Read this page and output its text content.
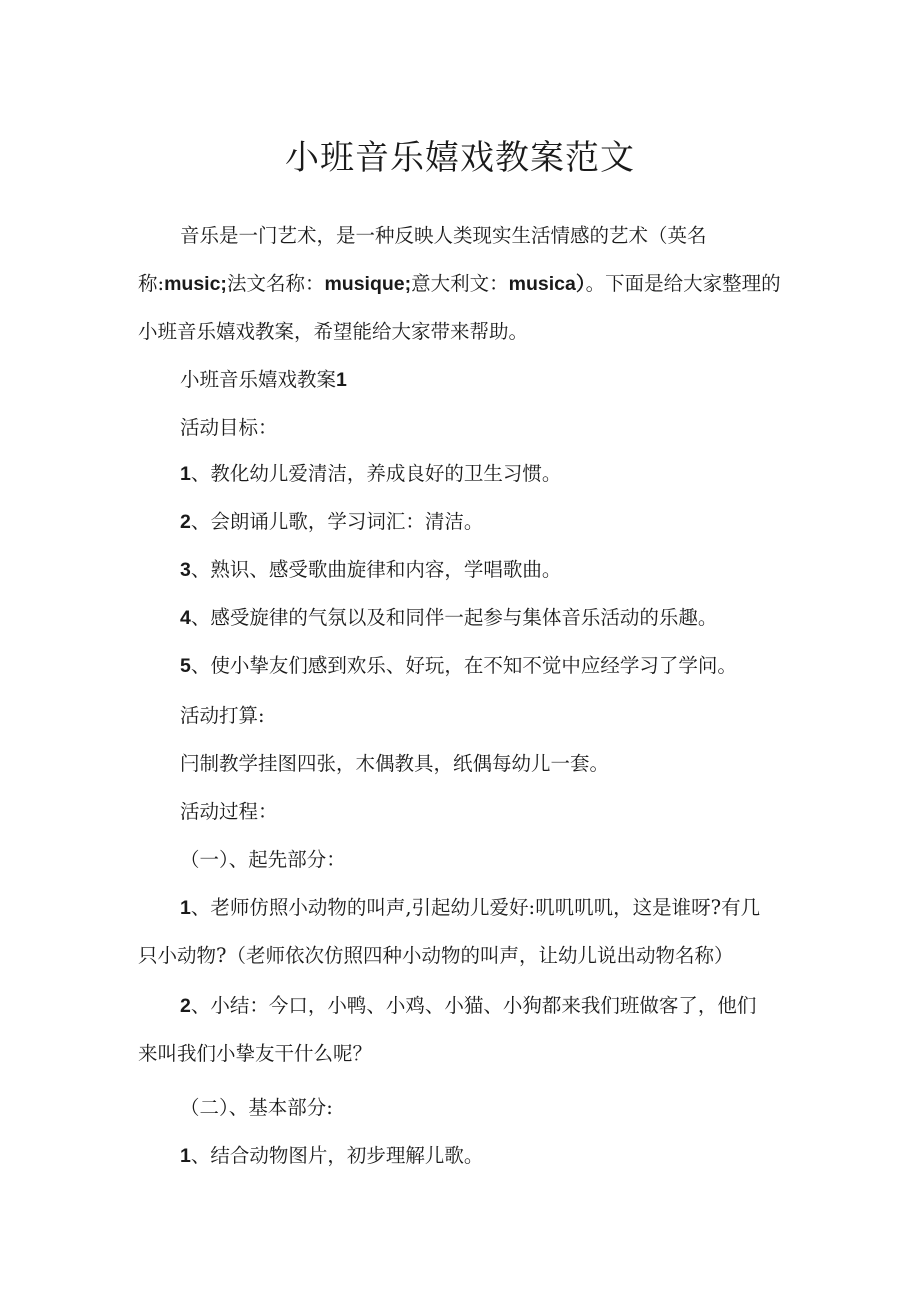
小班音乐嬉戏教案范文
音乐是一门艺术，是一种反映人类现实生活情感的艺术（英名
称:music;法文名称：musique;意大利文：musica）。下面是给大家整理的
小班音乐嬉戏教案，希望能给大家带来帮助。
小班音乐嬉戏教案1
活动目标：
1、教化幼儿爱清洁，养成良好的卫生习惯。
2、会朗诵儿歌，学习词汇：清洁。
3、熟识、感受歌曲旋律和内容，学唱歌曲。
4、感受旋律的气氛以及和同伴一起参与集体音乐活动的乐趣。
5、使小挚友们感到欢乐、好玩，在不知不觉中应经学习了学问。
活动打算:
闩制教学挂图四张，木偶教具，纸偶每幼儿一套。
活动过程：
（一）、起先部分：
1、老师仿照小动物的叫声,引起幼儿爱好:叽叽叽叽，这是谁呀?有几
只小动物?（老师依次仿照四种小动物的叫声，让幼儿说出动物名称）
2、小结：今口，小鸭、小鸡、小猫、小狗都来我们班做客了，他们
来叫我们小挚友干什么呢？
（二）、基本部分:
1、结合动物图片，初步理解儿歌。
